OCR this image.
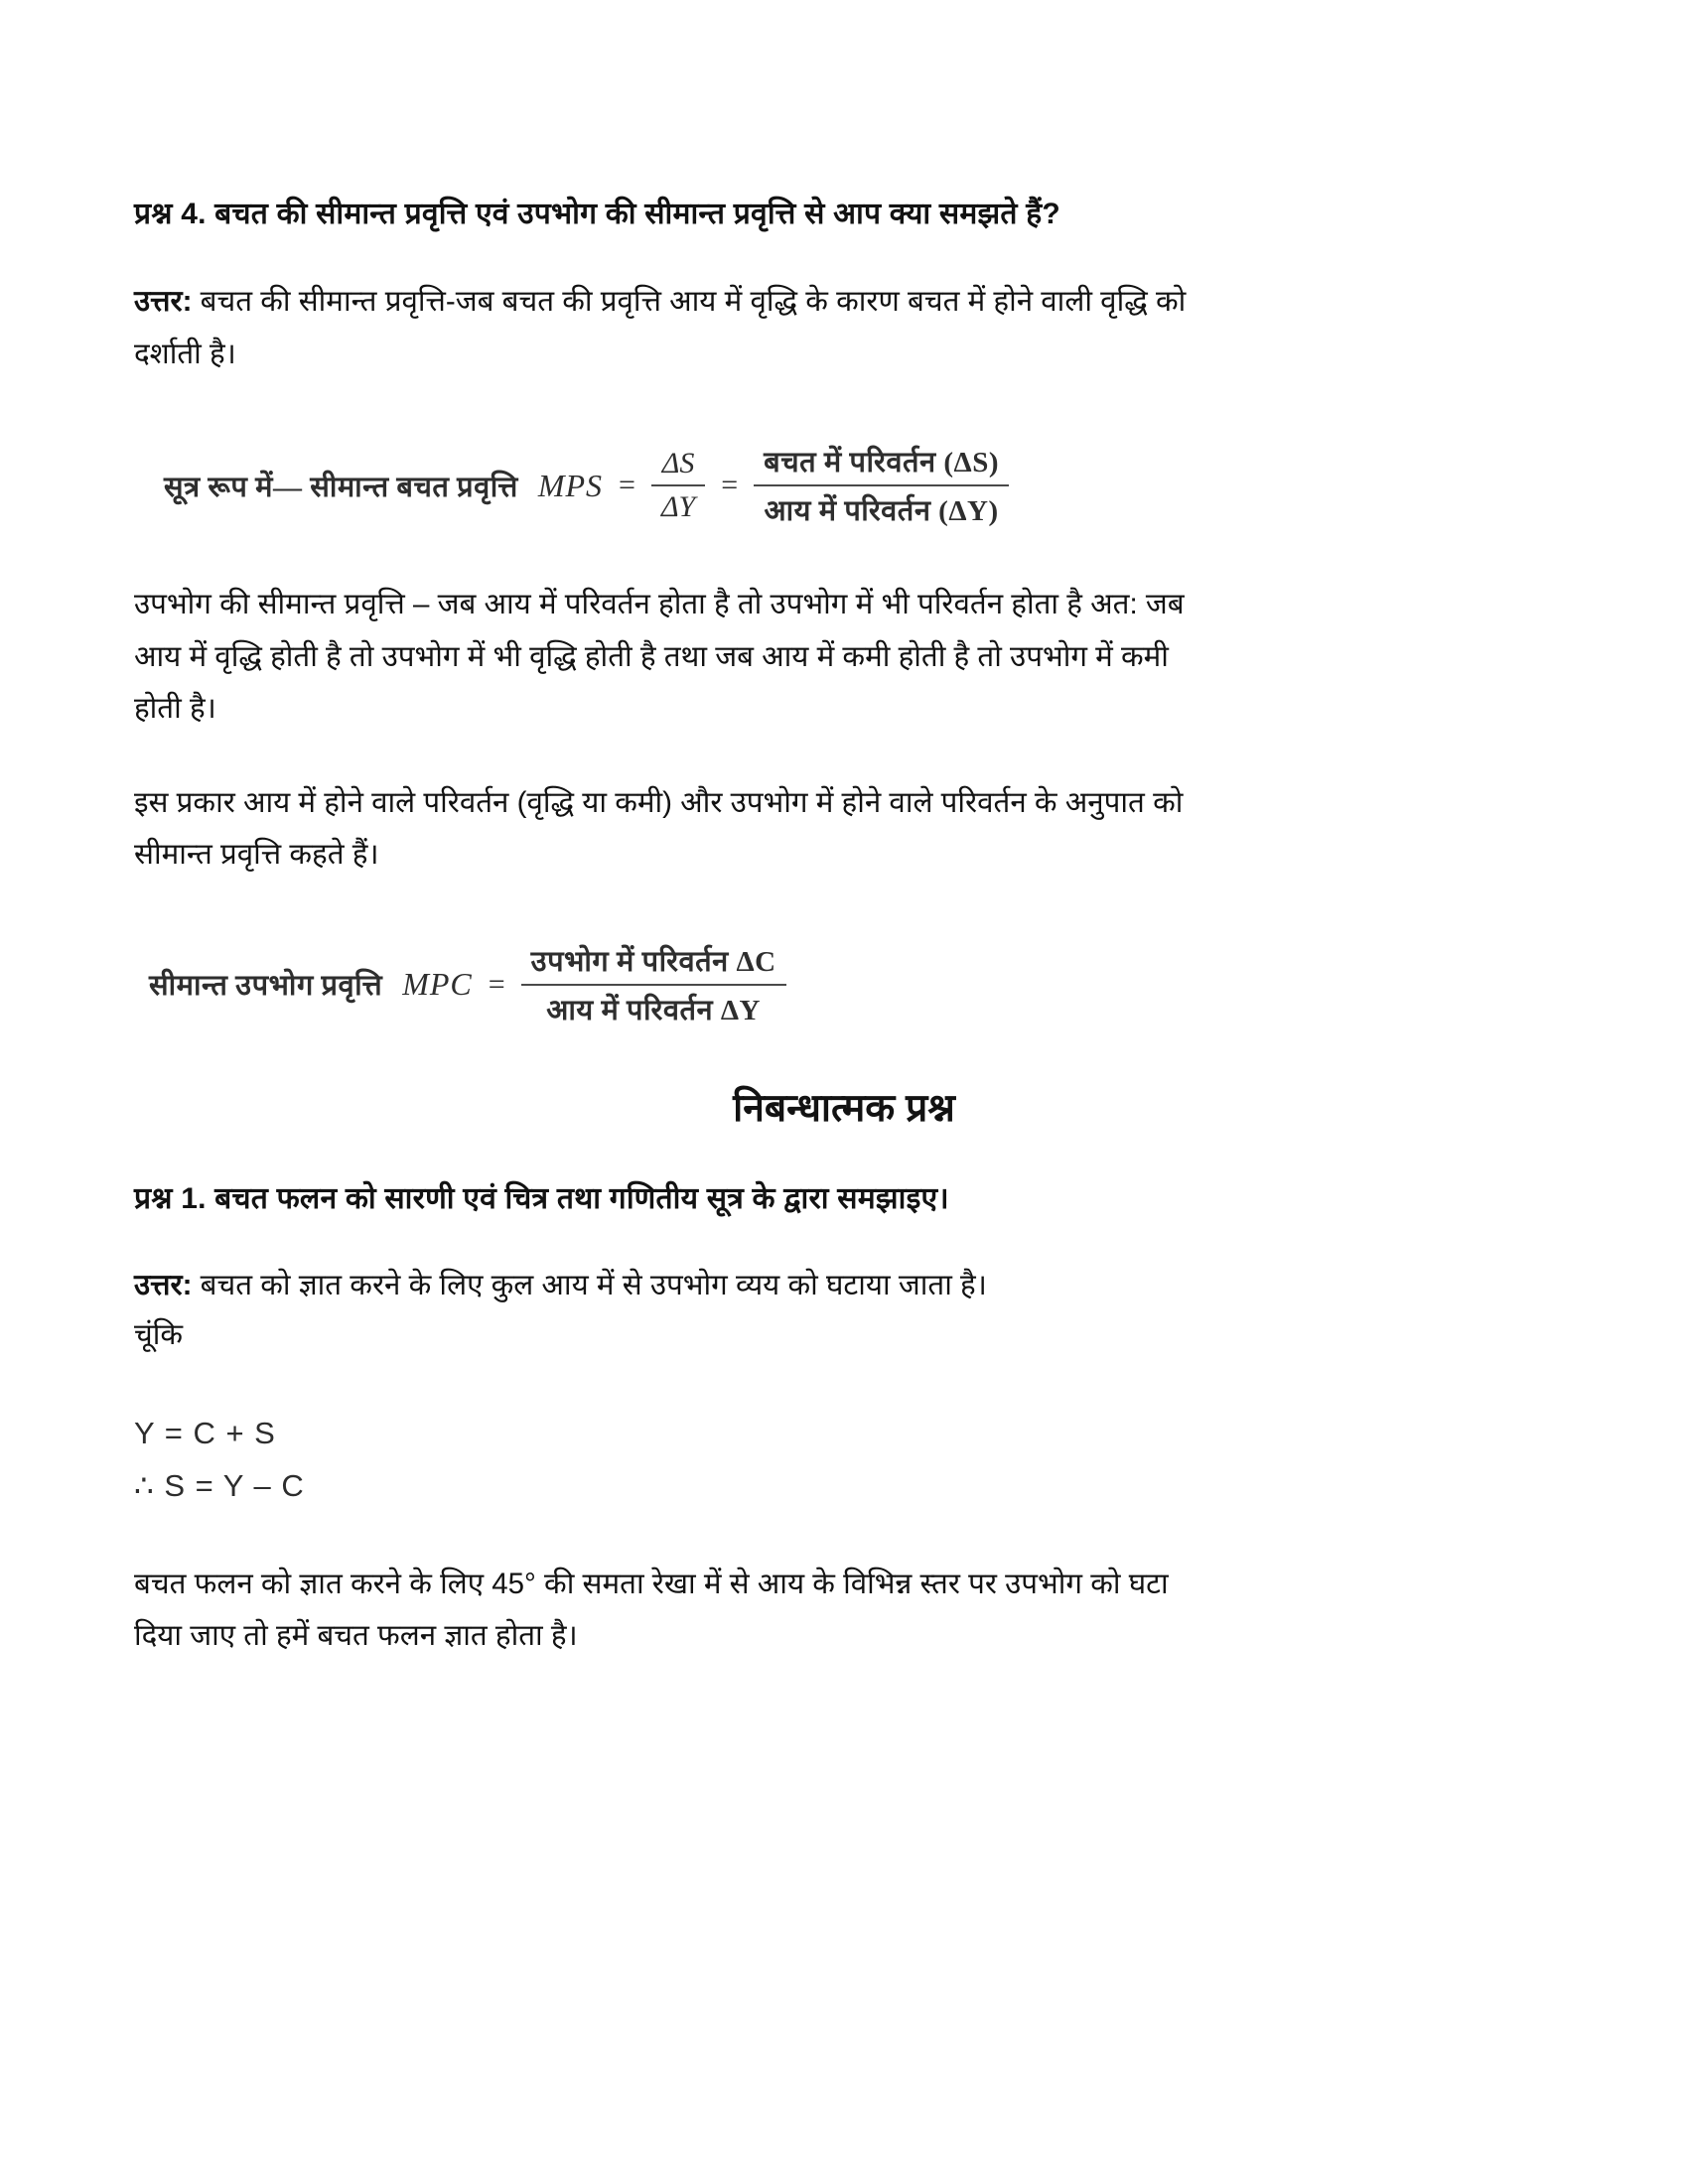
प्रश्न 4. बचत की सीमान्त प्रवृत्ति एवं उपभोग की सीमान्त प्रवृत्ति से आप क्या समझते हैं?
उत्तर: बचत की सीमान्त प्रवृत्ति-जब बचत की प्रवृत्ति आय में वृद्धि के कारण बचत में होने वाली वृद्धि को
दर्शाती है।
सूत्र रूप में— सीमान्त बचत प्रवृत्ति MPS = $\frac{\Delta S}{\Delta Y} = \frac{\text{बचत में परिवर्तन (ΔS)}}{\text{आय में परिवर्तन (ΔY)}}$
उपभोग की सीमान्त प्रवृत्ति – जब आय में परिवर्तन होता है तो उपभोग में भी परिवर्तन होता है अत: जब
आय में वृद्धि होती है तो उपभोग में भी वृद्धि होती है तथा जब आय में कमी होती है तो उपभोग में कमी
होती है।
इस प्रकार आय में होने वाले परिवर्तन (वृद्धि या कमी) और उपभोग में होने वाले परिवर्तन के अनुपात को
सीमान्त प्रवृत्ति कहते हैं।
सीमान्त उपभोग प्रवृत्ति MPC = $\frac{\text{उपभोग में परिवर्तन ΔC}}{\text{आय में परिवर्तन ΔY}}$
निबन्धात्मक प्रश्न
प्रश्न 1. बचत फलन को सारणी एवं चित्र तथा गणितीय सूत्र के द्वारा समझाइए।
उत्तर: बचत को ज्ञात करने के लिए कुल आय में से उपभोग व्यय को घटाया जाता है।
चूंकि
Y = C + S
∴ S = Y – C
बचत फलन को ज्ञात करने के लिए 45° की समता रेखा में से आय के विभिन्न स्तर पर उपभोग को घटा
दिया जाए तो हमें बचत फलन ज्ञात होता है।
